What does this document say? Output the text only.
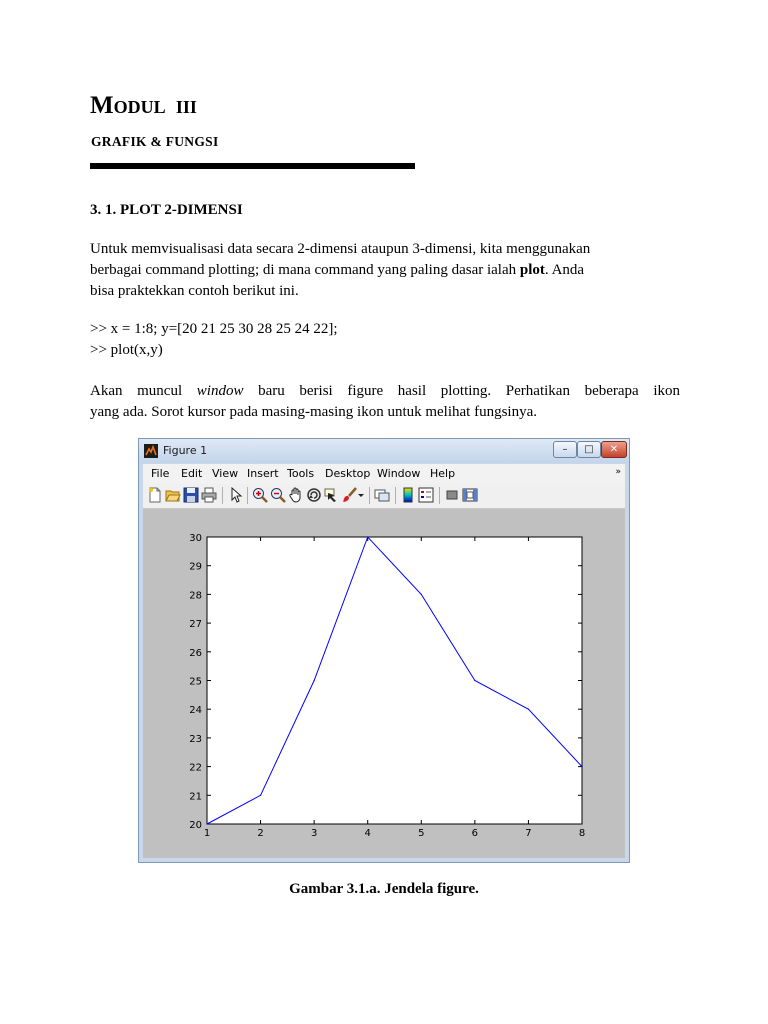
MODUL III
GRAFIK & FUNGSI
3. 1. PLOT 2-DIMENSI
Untuk memvisualisasi data secara 2-dimensi ataupun 3-dimensi, kita menggunakan
berbagai command plotting; di mana command yang paling dasar ialah plot. Anda
bisa praktekkan contoh berikut ini.
>> x = 1:8; y=[20 21 25 30 28 25 24 22];
>> plot(x,y)
Akan muncul window baru berisi figure hasil plotting. Perhatikan beberapa ikon
yang ada. Sorot kursor pada masing-masing ikon untuk melihat fungsinya.
Figure 1	–	□	✕
File Edit View Insert Tools Desktop Window Help	»
1	2	3	4	5	6	7	8
20
21
22
23
24
25
26
27
28
29
30
Gambar 3.1.a. Jendela figure.
